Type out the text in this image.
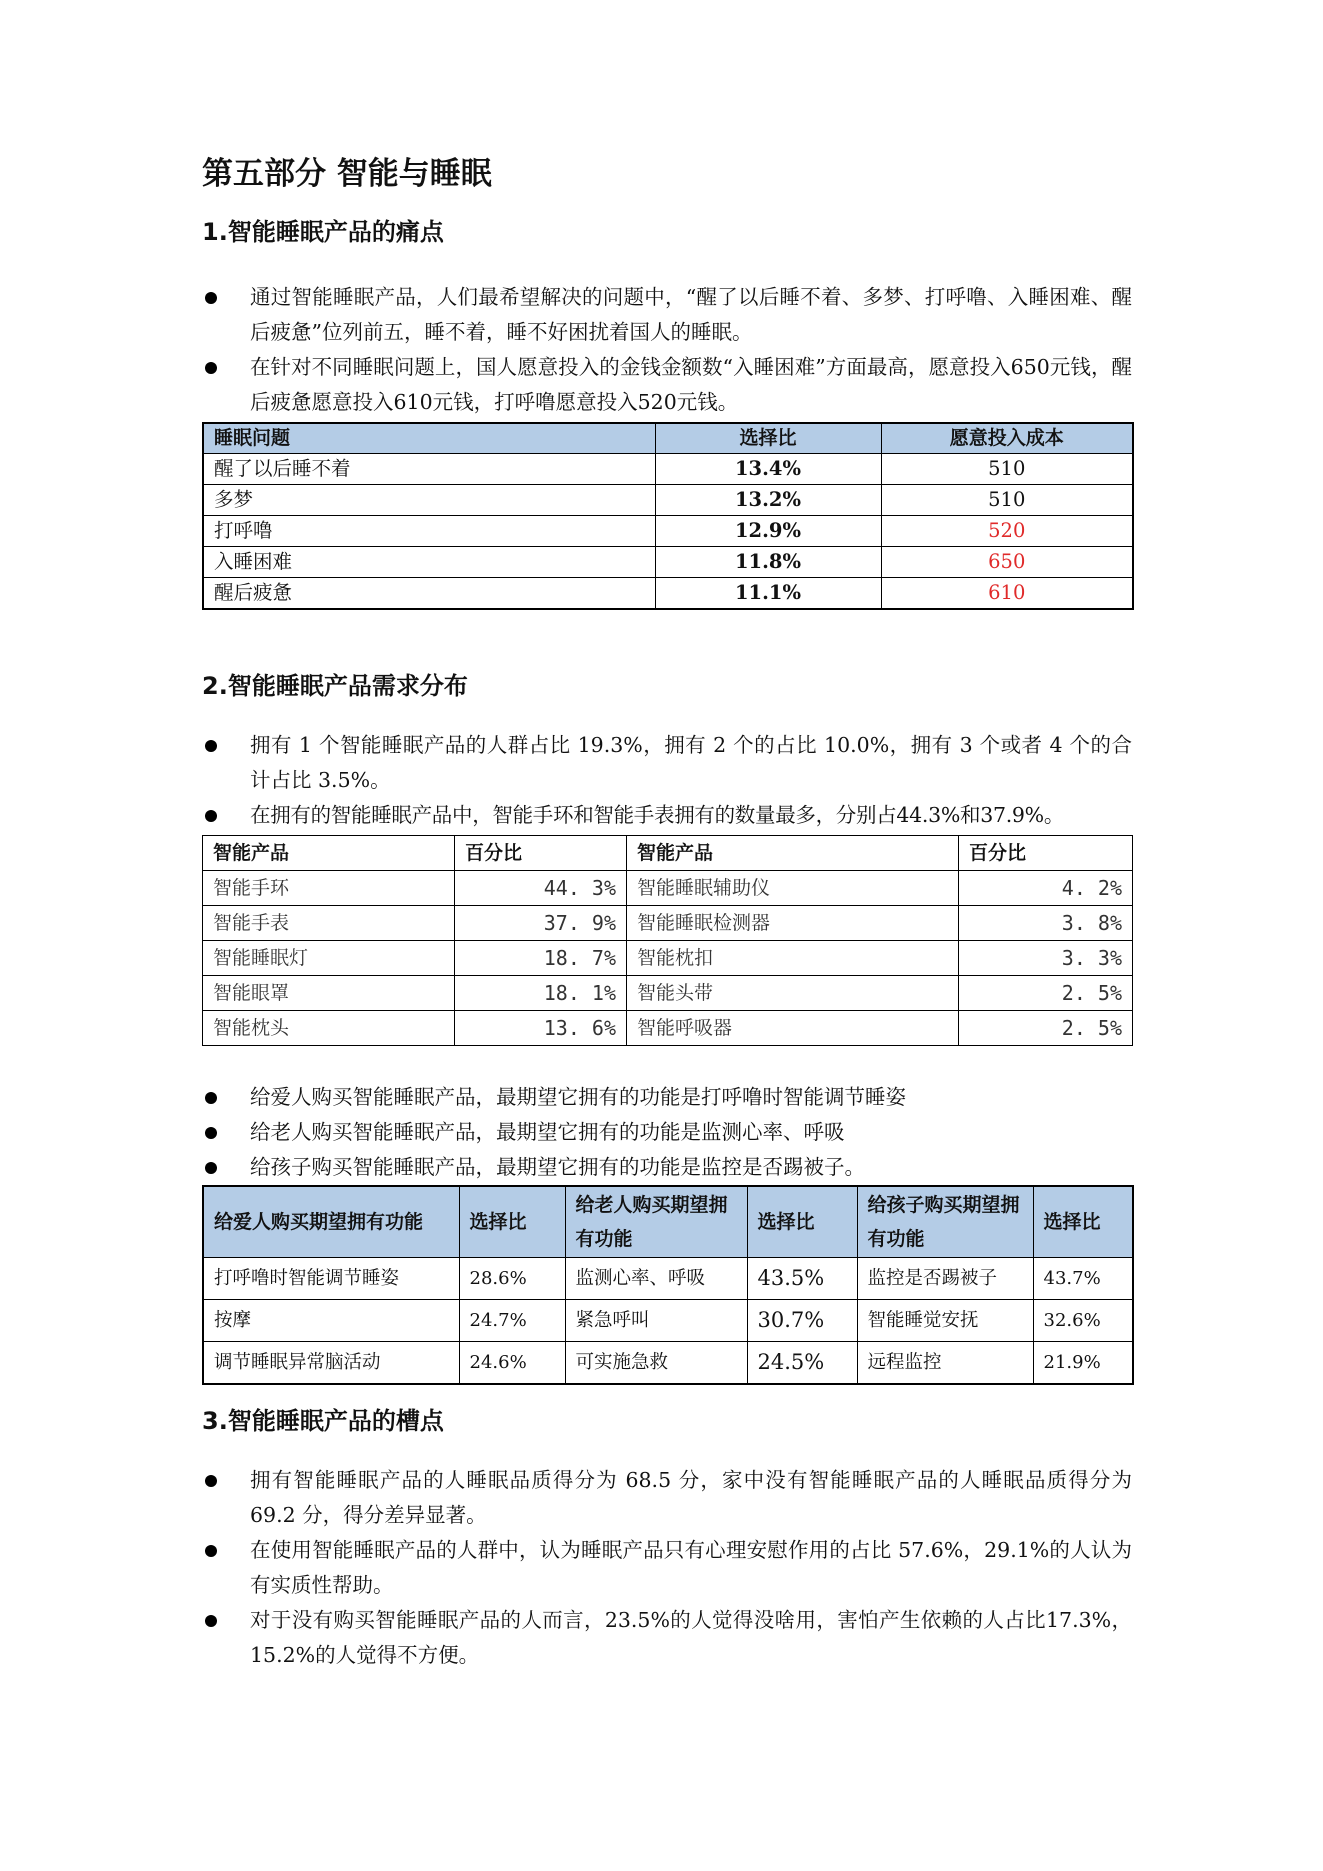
第五部分 智能与睡眠
1.智能睡眠产品的痛点
通过智能睡眠产品，人们最希望解决的问题中，“醒了以后睡不着、多梦、打呼噜、入睡困难、醒后疲惫”位列前五，睡不着，睡不好困扰着国人的睡眠。
在针对不同睡眠问题上，国人愿意投入的金钱金额数“入睡困难”方面最高，愿意投入650元钱，醒后疲惫愿意投入610元钱，打呼噜愿意投入520元钱。
睡眠问题	选择比	愿意投入成本
醒了以后睡不着	13.4%	510
多梦	13.2%	510
打呼噜	12.9%	520
入睡困难	11.8%	650
醒后疲惫	11.1%	610
2.智能睡眠产品需求分布
拥有 1 个智能睡眠产品的人群占比 19.3%，拥有 2 个的占比 10.0%，拥有 3 个或者 4 个的合计占比 3.5%。
在拥有的智能睡眠产品中，智能手环和智能手表拥有的数量最多，分别占44.3%和37.9%。
智能产品	百分比	智能产品	百分比
智能手环	44. 3%	智能睡眠辅助仪	4. 2%
智能手表	37. 9%	智能睡眠检测器	3. 8%
智能睡眠灯	18. 7%	智能枕扣	3. 3%
智能眼罩	18. 1%	智能头带	2. 5%
智能枕头	13. 6%	智能呼吸器	2. 5%
给爱人购买智能睡眠产品，最期望它拥有的功能是打呼噜时智能调节睡姿
给老人购买智能睡眠产品，最期望它拥有的功能是监测心率、呼吸
给孩子购买智能睡眠产品，最期望它拥有的功能是监控是否踢被子。
给爱人购买期望拥有功能	选择比	给老人购买期望拥有功能	选择比	给孩子购买期望拥有功能	选择比
打呼噜时智能调节睡姿	28.6%	监测心率、呼吸	43.5%	监控是否踢被子	43.7%
按摩	24.7%	紧急呼叫	30.7%	智能睡觉安抚	32.6%
调节睡眠异常脑活动	24.6%	可实施急救	24.5%	远程监控	21.9%
3.智能睡眠产品的槽点
拥有智能睡眠产品的人睡眠品质得分为 68.5 分，家中没有智能睡眠产品的人睡眠品质得分为 69.2 分，得分差异显著。
在使用智能睡眠产品的人群中，认为睡眠产品只有心理安慰作用的占比 57.6%，29.1%的人认为有实质性帮助。
对于没有购买智能睡眠产品的人而言，23.5%的人觉得没啥用，害怕产生依赖的人占比17.3%，15.2%的人觉得不方便。
